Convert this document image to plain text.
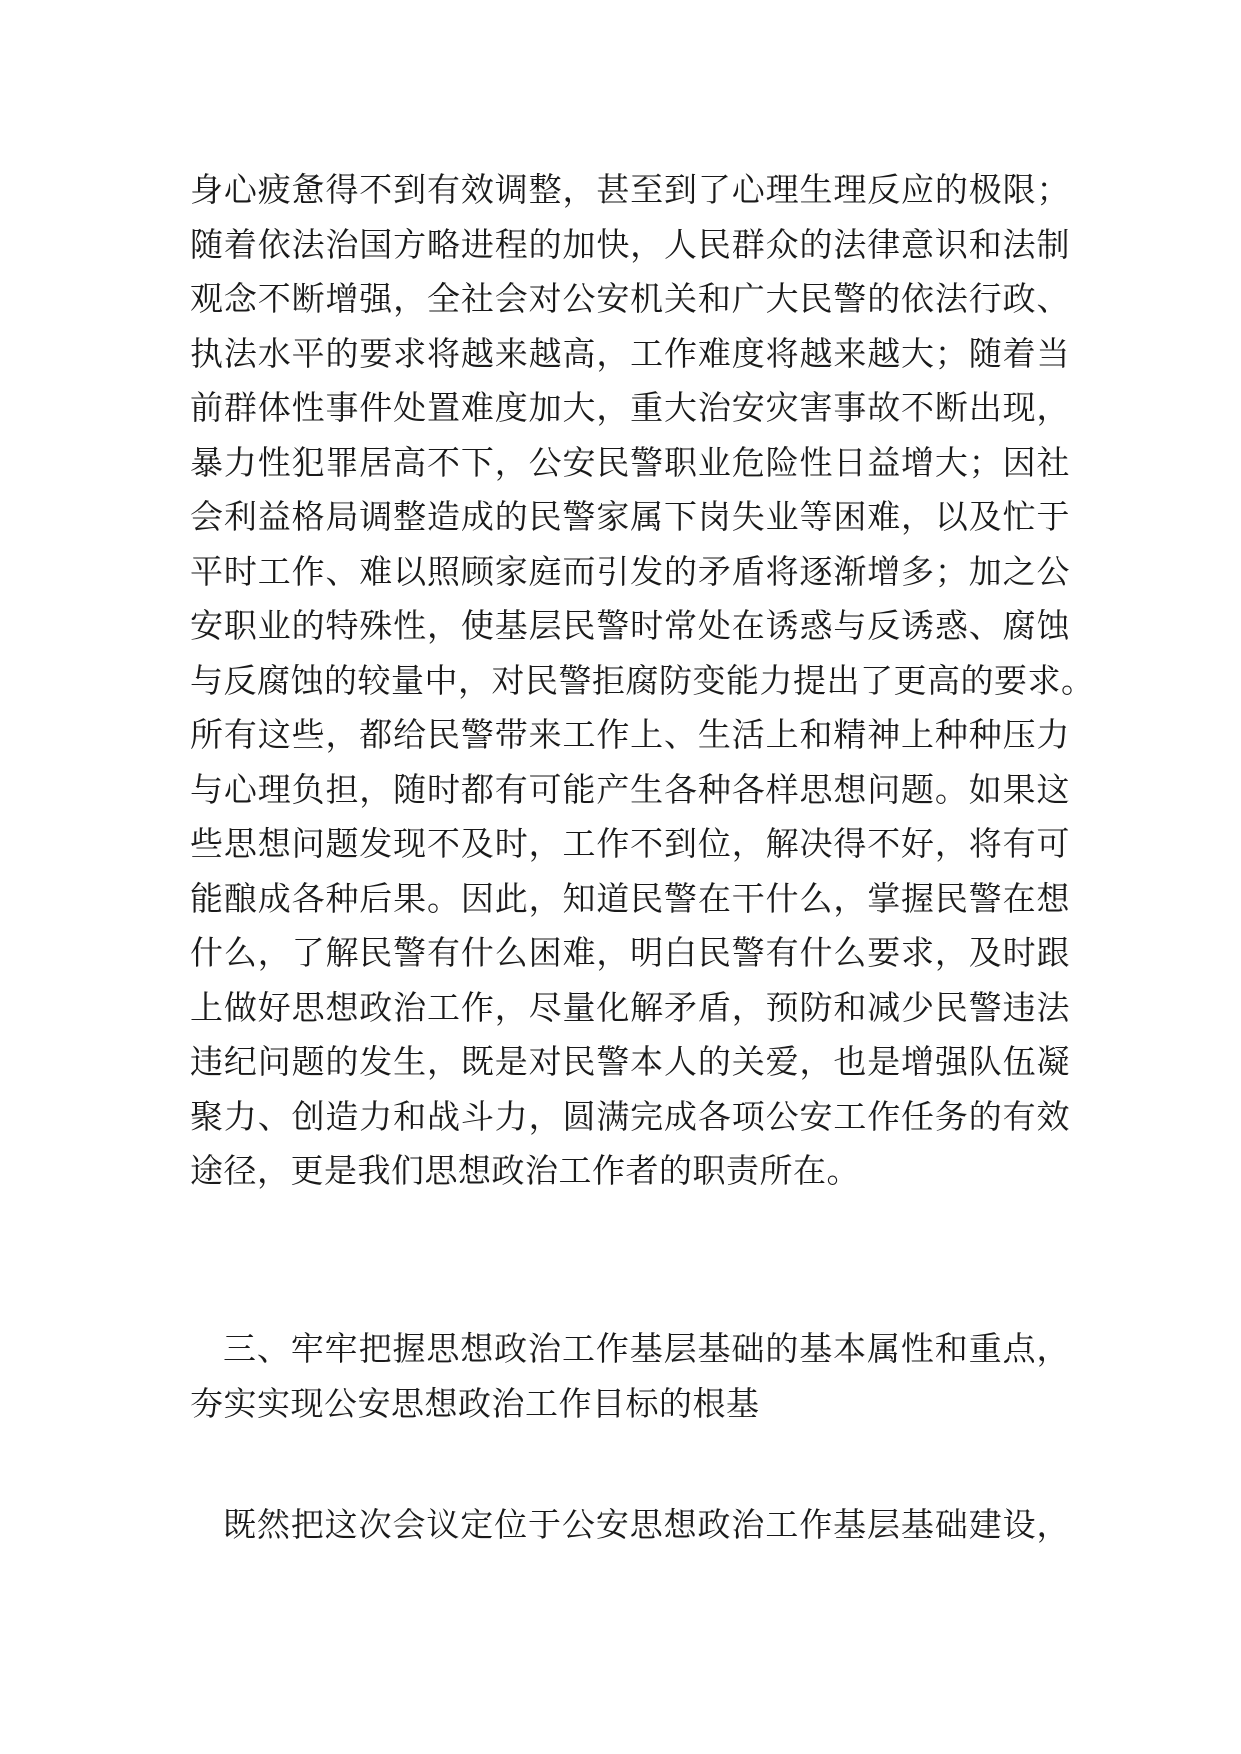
身心疲惫得不到有效调整，甚至到了心理生理反应的极限；
随着依法治国方略进程的加快，人民群众的法律意识和法制
观念不断增强，全社会对公安机关和广大民警的依法行政、
执法水平的要求将越来越高，工作难度将越来越大；随着当
前群体性事件处置难度加大，重大治安灾害事故不断出现，
暴力性犯罪居高不下，公安民警职业危险性日益增大；因社
会利益格局调整造成的民警家属下岗失业等困难，以及忙于
平时工作、难以照顾家庭而引发的矛盾将逐渐增多；加之公
安职业的特殊性，使基层民警时常处在诱惑与反诱惑、腐蚀
与反腐蚀的较量中，对民警拒腐防变能力提出了更高的要求。
所有这些，都给民警带来工作上、生活上和精神上种种压力
与心理负担，随时都有可能产生各种各样思想问题。如果这
些思想问题发现不及时，工作不到位，解决得不好，将有可
能酿成各种后果。因此，知道民警在干什么，掌握民警在想
什么，了解民警有什么困难，明白民警有什么要求，及时跟
上做好思想政治工作，尽量化解矛盾，预防和减少民警违法
违纪问题的发生，既是对民警本人的关爱，也是增强队伍凝
聚力、创造力和战斗力，圆满完成各项公安工作任务的有效
途径，更是我们思想政治工作者的职责所在。
三、牢牢把握思想政治工作基层基础的基本属性和重点，
夯实实现公安思想政治工作目标的根基
既然把这次会议定位于公安思想政治工作基层基础建设，
